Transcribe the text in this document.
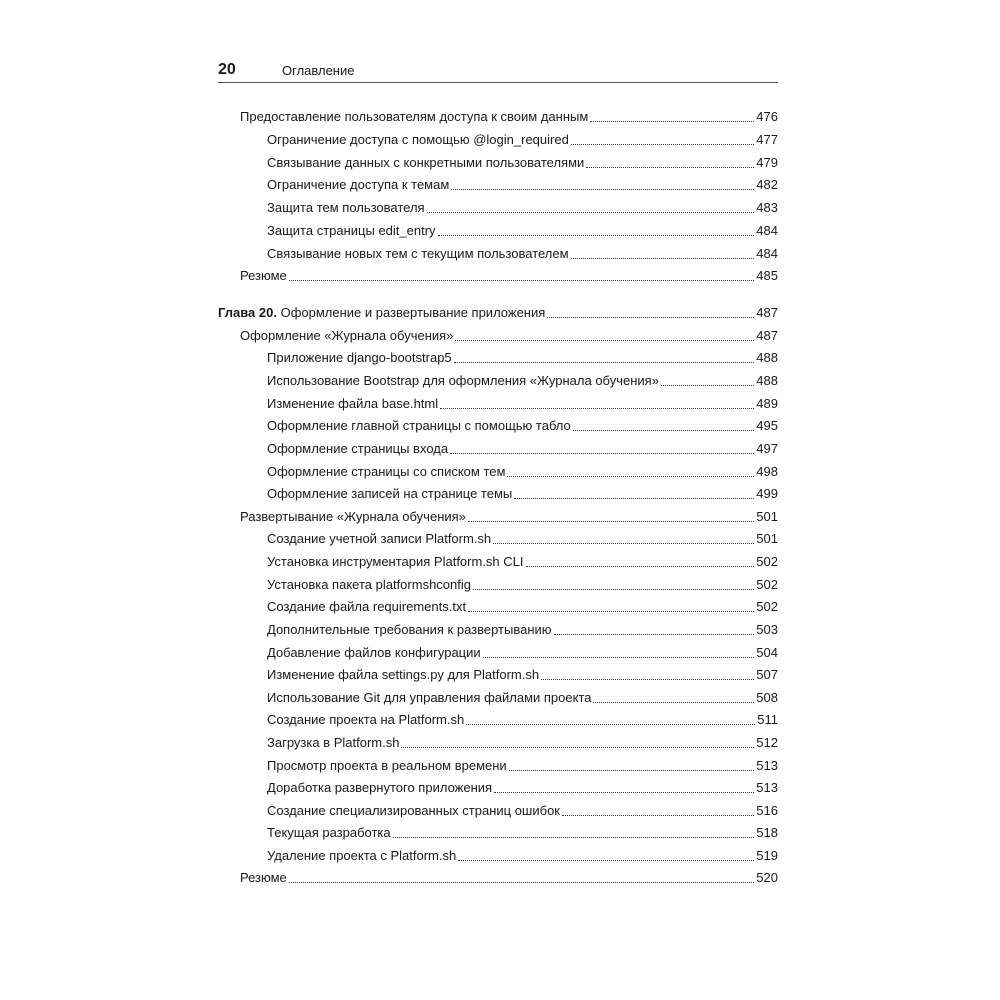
20	Оглавление
Предоставление пользователям доступа к своим данным	476
Ограничение доступа с помощью @login_required	477
Связывание данных с конкретными пользователями	479
Ограничение доступа к темам	482
Защита тем пользователя	483
Защита страницы edit_entry	484
Связывание новых тем с текущим пользователем	484
Резюме	485
Глава 20. Оформление и развертывание приложения	487
Оформление «Журнала обучения»	487
Приложение django-bootstrap5	488
Использование Bootstrap для оформления «Журнала обучения»	488
Изменение файла base.html	489
Оформление главной страницы с помощью табло	495
Оформление страницы входа	497
Оформление страницы со списком тем	498
Оформление записей на странице темы	499
Развертывание «Журнала обучения»	501
Создание учетной записи Platform.sh	501
Установка инструментария Platform.sh CLI	502
Установка пакета platformshconfig	502
Создание файла requirements.txt	502
Дополнительные требования к развертыванию	503
Добавление файлов конфигурации	504
Изменение файла settings.py для Platform.sh	507
Использование Git для управления файлами проекта	508
Создание проекта на Platform.sh	511
Загрузка в Platform.sh	512
Просмотр проекта в реальном времени	513
Доработка развернутого приложения	513
Создание специализированных страниц ошибок	516
Текущая разработка	518
Удаление проекта с Platform.sh	519
Резюме	520
